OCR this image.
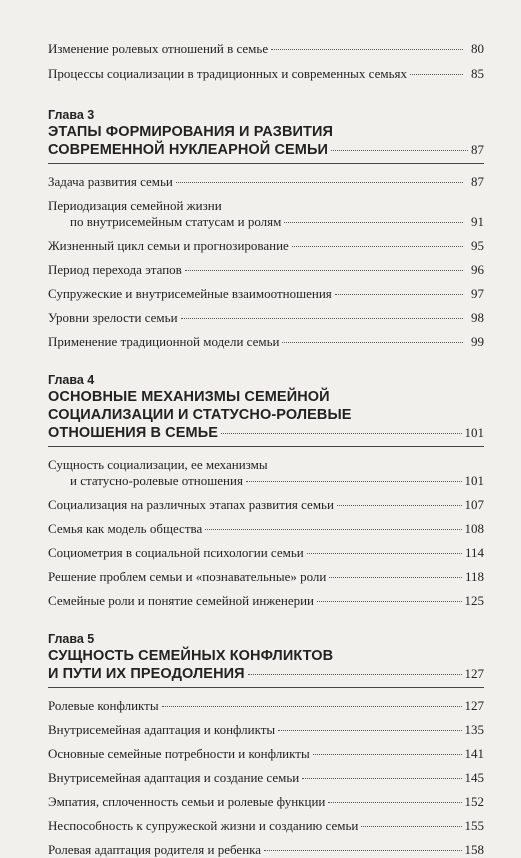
Изменение ролевых отношений в семье	80
Процессы социализации в традиционных и современных семьях	85
Глава 3
ЭТАПЫ ФОРМИРОВАНИЯ И РАЗВИТИЯ
СОВРЕМЕННОЙ НУКЛЕАРНОЙ СЕМЬИ	87
Задача развития семьи	87
Периодизация семейной жизни
по внутрисемейным статусам и ролям	91
Жизненный цикл семьи и прогнозирование	95
Период перехода этапов	96
Супружеские и внутрисемейные взаимоотношения	97
Уровни зрелости семьи	98
Применение традиционной модели семьи	99
Глава 4
ОСНОВНЫЕ МЕХАНИЗМЫ СЕМЕЙНОЙ
СОЦИАЛИЗАЦИИ И СТАТУСНО-РОЛЕВЫЕ
ОТНОШЕНИЯ В СЕМЬЕ	101
Сущность социализации, ее механизмы
и статусно-ролевые отношения	101
Социализация на различных этапах развития семьи	107
Семья как модель общества	108
Социометрия в социальной психологии семьи	114
Решение проблем семьи и «познавательные» роли	118
Семейные роли и понятие семейной инженерии	125
Глава 5
СУЩНОСТЬ СЕМЕЙНЫХ КОНФЛИКТОВ
И ПУТИ ИХ ПРЕОДОЛЕНИЯ	127
Ролевые конфликты	127
Внутрисемейная адаптация и конфликты	135
Основные семейные потребности и конфликты	141
Внутрисемейная адаптация и создание семьи	145
Эмпатия, сплоченность семьи и ролевые функции	152
Неспособность к супружеской жизни и созданию семьи	155
Ролевая адаптация родителя и ребенка	158
